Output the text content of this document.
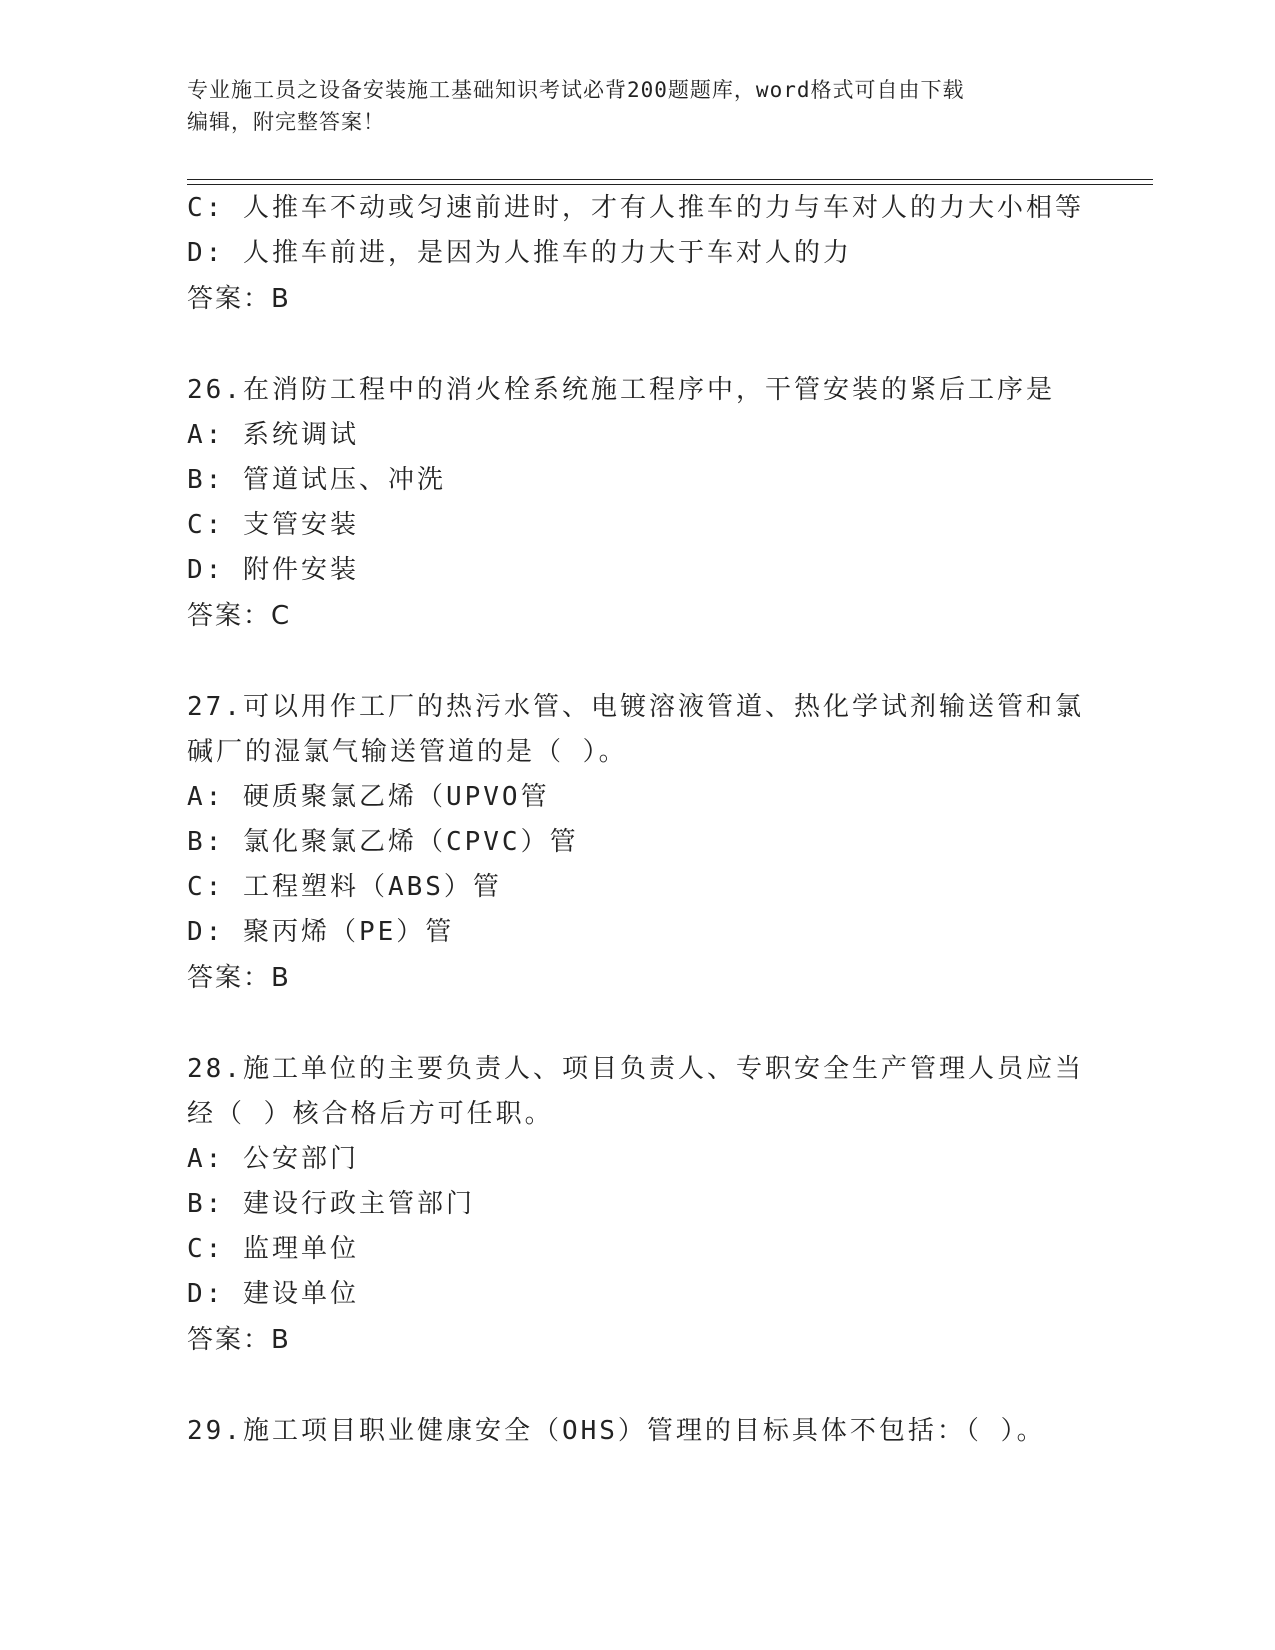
专业施工员之设备安装施工基础知识考试必背200题题库，word格式可自由下载
编辑，附完整答案！
C: 人推车不动或匀速前进时，才有人推车的力与车对人的力大小相等
D: 人推车前进，是因为人推车的力大于车对人的力
答案：B
26.在消防工程中的消火栓系统施工程序中，干管安装的紧后工序是
A: 系统调试
B: 管道试压、冲洗
C: 支管安装
D: 附件安装
答案：C
27.可以用作工厂的热污水管、电镀溶液管道、热化学试剂输送管和氯
碱厂的湿氯气输送管道的是（ ）。
A: 硬质聚氯乙烯（UPVO管
B: 氯化聚氯乙烯（CPVC）管
C: 工程塑料（ABS）管
D: 聚丙烯（PE）管
答案：B
28.施工单位的主要负责人、项目负责人、专职安全生产管理人员应当
经（ ）核合格后方可任职。
A: 公安部门
B: 建设行政主管部门
C: 监理单位
D: 建设单位
答案：B
29.施工项目职业健康安全（OHS）管理的目标具体不包括：（ ）。
